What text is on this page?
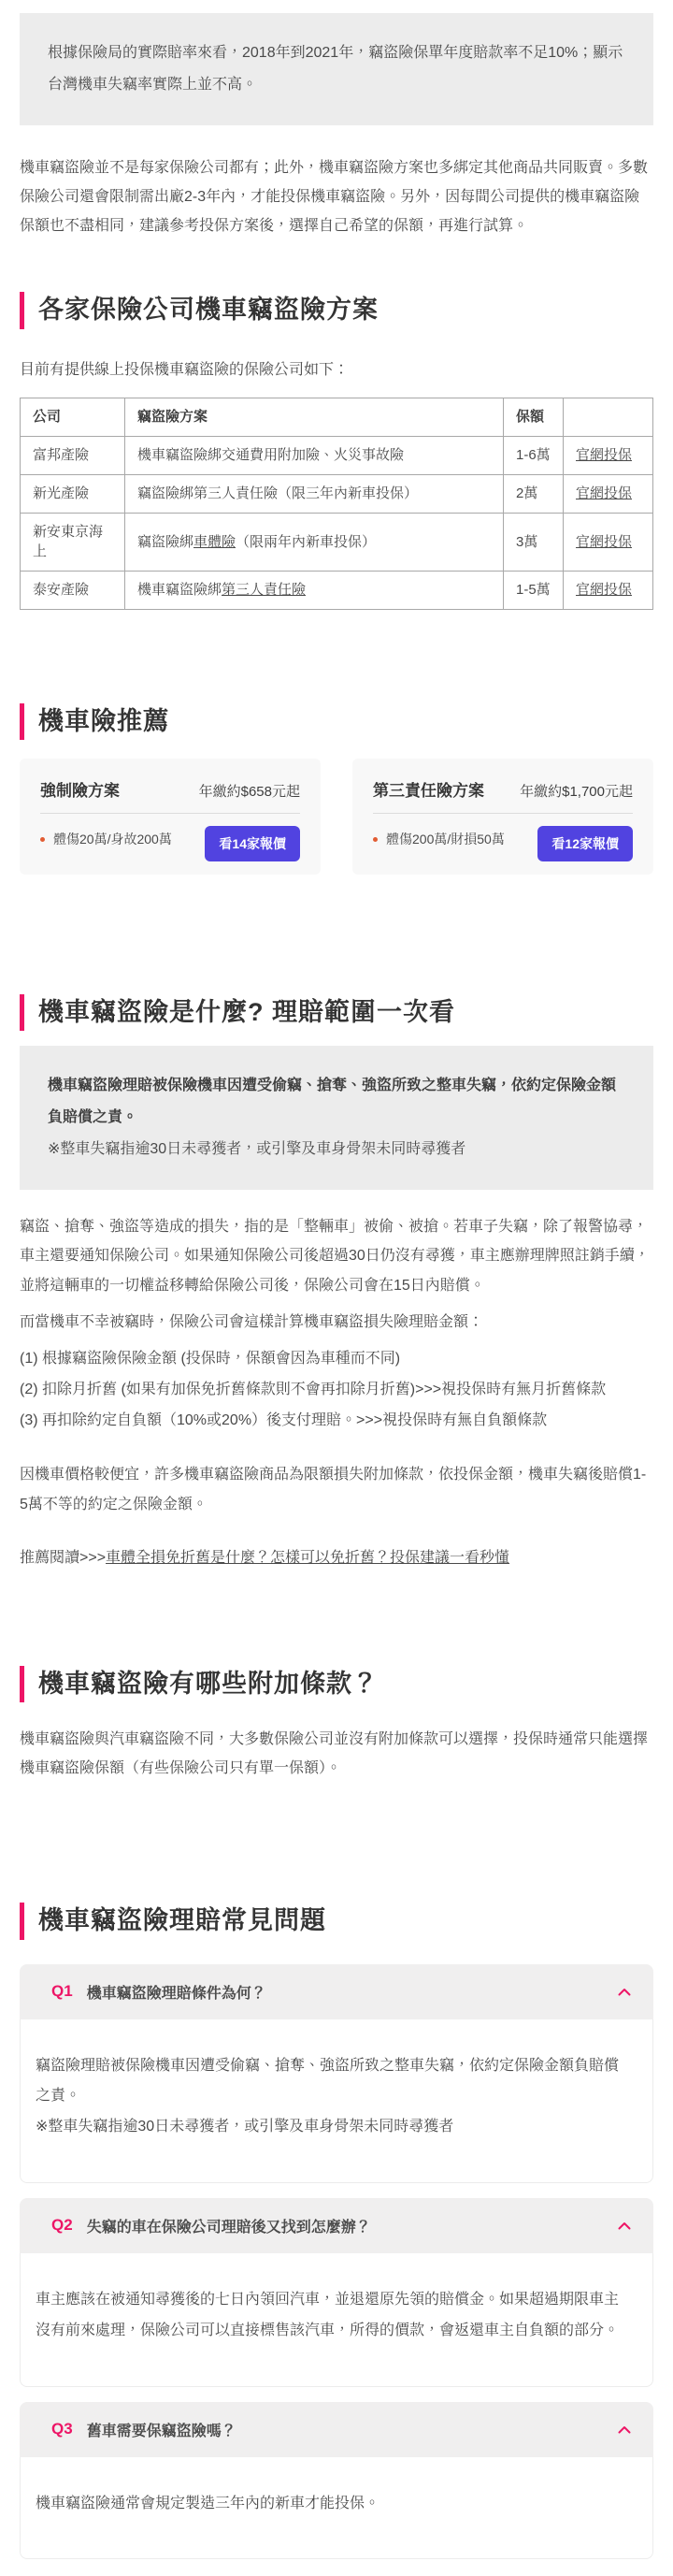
根據保險局的實際賠率來看，2018年到2021年，竊盜險保單年度賠款率不足10%；顯示台灣機車失竊率實際上並不高。

機車竊盜險並不是每家保險公司都有；此外，機車竊盜險方案也多綁定其他商品共同販賣。多數保險公司還會限制需出廠2-3年內，才能投保機車竊盜險。另外，因每間公司提供的機車竊盜險保額也不盡相同，建議參考投保方案後，選擇自己希望的保額，再進行試算。

各家保險公司機車竊盜險方案

目前有提供線上投保機車竊盜險的保險公司如下：

公司	竊盜險方案	保額	
富邦產險	機車竊盜險綁交通費用附加險、火災事故險	1-6萬	官網投保
新光產險	竊盜險綁第三人責任險（限三年內新車投保）	2萬	官網投保
新安東京海上	竊盜險綁車體險（限兩年內新車投保）	3萬	官網投保
泰安產險	機車竊盜險綁第三人責任險	1-5萬	官網投保
機車險推薦
強制險方案	年繳約$658元起
體傷20萬/身故200萬	看14家報價
第三責任險方案	年繳約$1,700元起
體傷200萬/財損50萬	看12家報價
機車竊盜險是什麼? 理賠範圍一次看
機車竊盜險理賠被保險機車因遭受偷竊、搶奪、強盜所致之整車失竊，依約定保險金額負賠償之責。
※整車失竊指逾30日未尋獲者，或引擎及車身骨架未同時尋獲者

竊盜、搶奪、強盜等造成的損失，指的是「整輛車」被偷、被搶。若車子失竊，除了報警協尋，車主還要通知保險公司。如果通知保險公司後超過30日仍沒有尋獲，車主應辦理牌照註銷手續，並將這輛車的一切權益移轉給保險公司後，保險公司會在15日內賠償。

而當機車不幸被竊時，保險公司會這樣計算機車竊盜損失險理賠金額：

(1) 根據竊盜險保險金額 (投保時，保額會因為車種而不同)

(2) 扣除月折舊 (如果有加保免折舊條款則不會再扣除月折舊)>>>視投保時有無月折舊條款

(3) 再扣除約定自負額（10%或20%）後支付理賠。>>>視投保時有無自負額條款

因機車價格較便宜，許多機車竊盜險商品為限額損失附加條款，依投保金額，機車失竊後賠償1-5萬不等的約定之保險金額。

推薦閱讀>>>車體全損免折舊是什麼？怎樣可以免折舊？投保建議一看秒懂

機車竊盜險有哪些附加條款？

機車竊盜險與汽車竊盜險不同，大多數保險公司並沒有附加條款可以選擇，投保時通常只能選擇機車竊盜險保額（有些保險公司只有單一保額）。

機車竊盜險理賠常見問題
Q1 機車竊盜險理賠條件為何？

竊盜險理賠被保險機車因遭受偷竊、搶奪、強盜所致之整車失竊，依約定保險金額負賠償之責。

※整車失竊指逾30日未尋獲者，或引擎及車身骨架未同時尋獲者

Q2 失竊的車在保險公司理賠後又找到怎麼辦？

車主應該在被通知尋獲後的七日內領回汽車，並退還原先領的賠償金。如果超過期限車主沒有前來處理，保險公司可以直接標售該汽車，所得的價款，會返還車主自負額的部分。

Q3 舊車需要保竊盜險嗎？

機車竊盜險通常會規定製造三年內的新車才能投保。
